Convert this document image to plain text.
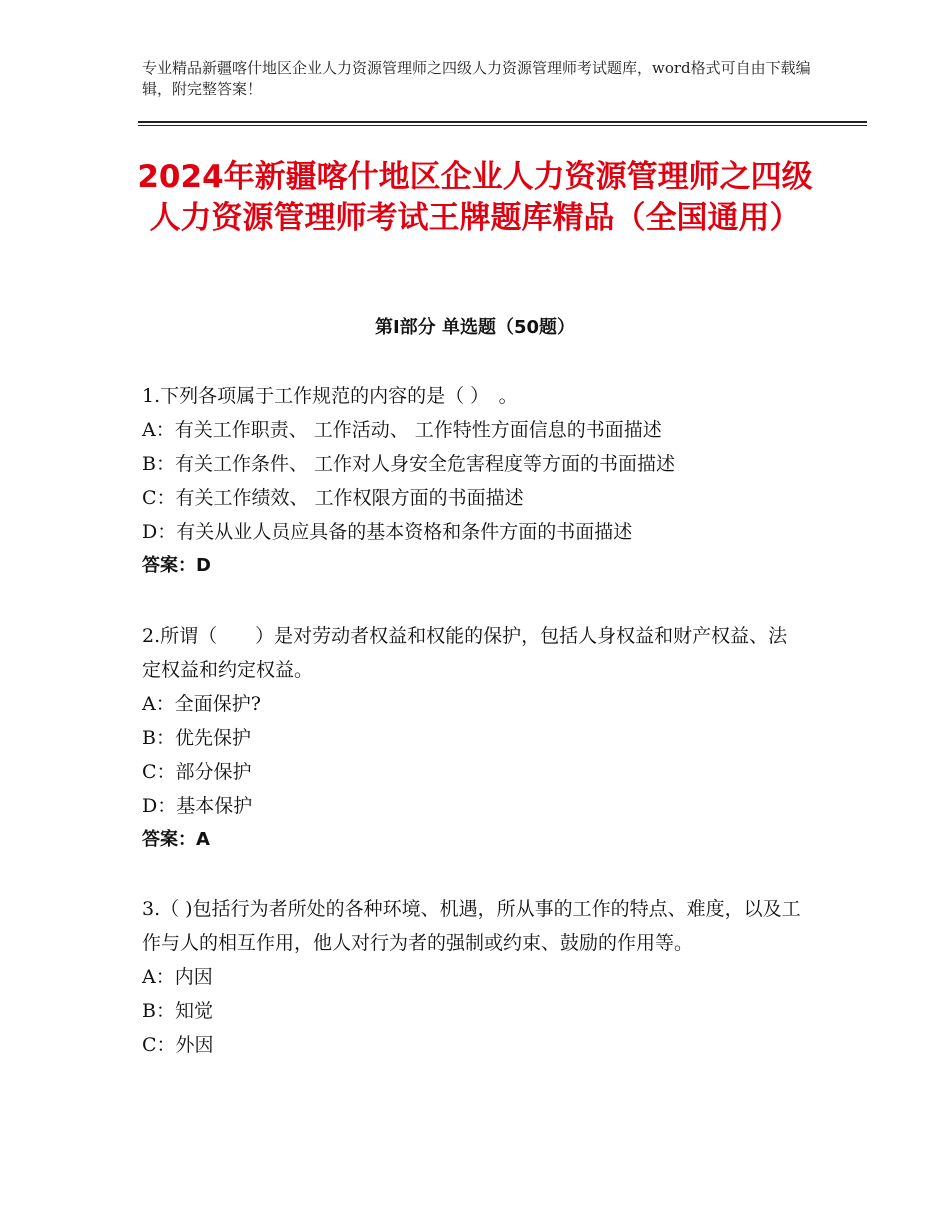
专业精品新疆喀什地区企业人力资源管理师之四级人力资源管理师考试题库，word格式可自由下载编辑，附完整答案！
2024年新疆喀什地区企业人力资源管理师之四级人力资源管理师考试王牌题库精品（全国通用）
第Ⅰ部分 单选题（50题）
1.下列各项属于工作规范的内容的是（ ）　。
A：有关工作职责、 工作活动、 工作特性方面信息的书面描述
B：有关工作条件、 工作对人身安全危害程度等方面的书面描述
C：有关工作绩效、 工作权限方面的书面描述
D：有关从业人员应具备的基本资格和条件方面的书面描述
答案：D
2.所谓（　　）是对劳动者权益和权能的保护，包括人身权益和财产权益、法定权益和约定权益。
A：全面保护?
B：优先保护
C：部分保护
D：基本保护
答案：A
3.（ )包括行为者所处的各种环境、机遇，所从事的工作的特点、难度，以及工作与人的相互作用，他人对行为者的强制或约束、鼓励的作用等。
A：内因
B：知觉
C：外因
